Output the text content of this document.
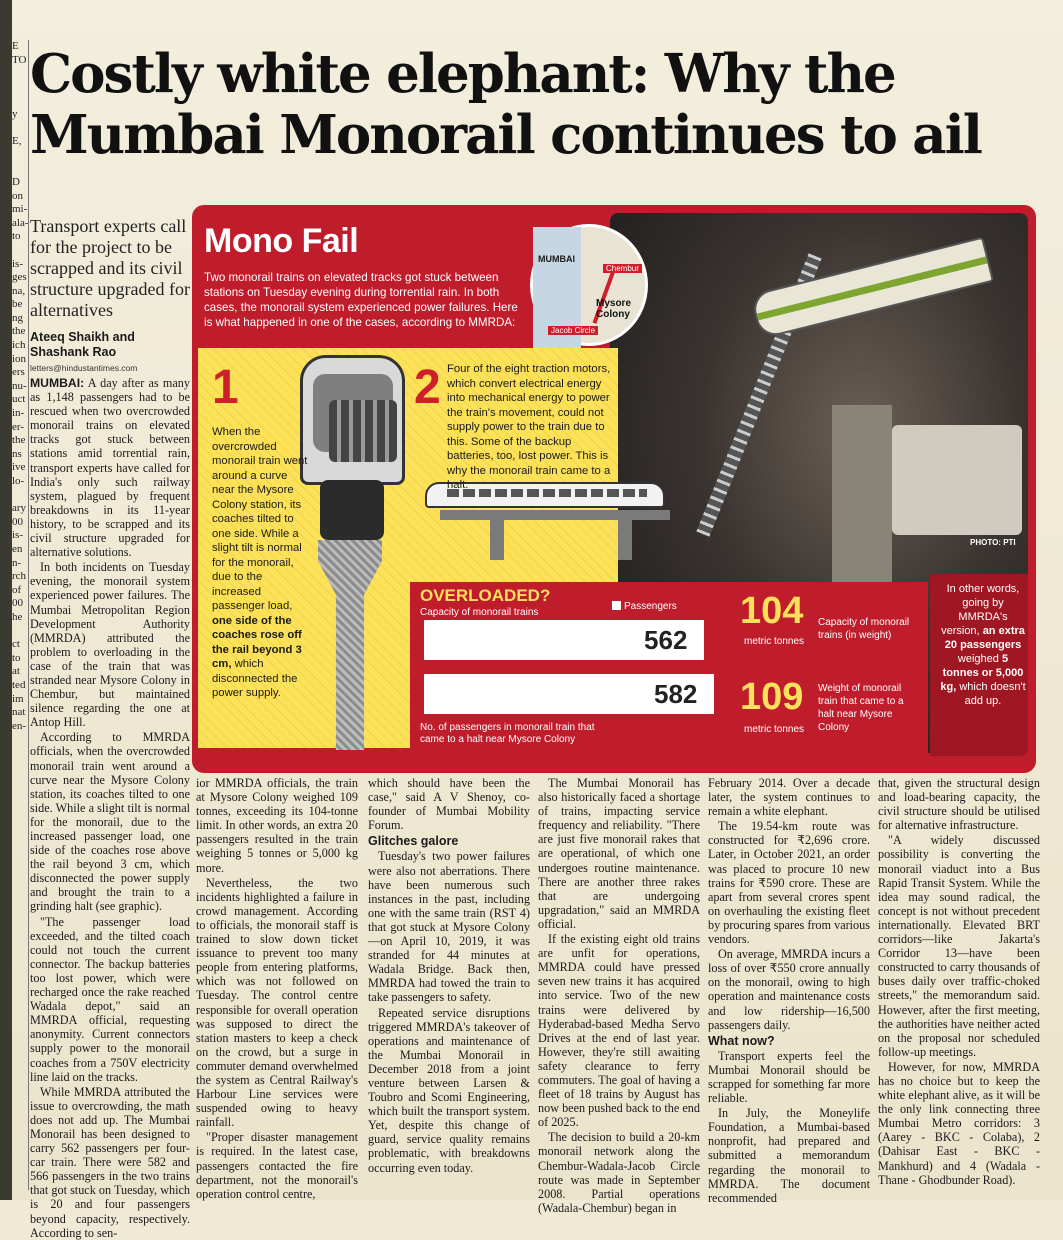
E
TO

y

E,

D
on
mi-
ala-
to

is-
ges
na,
be
ng
the
ich
ion
ers
nu-
uct
in-
er-
the
ns
ive
lo-

ary
00
is-
en
n-
rch
of
00
he

ct
to
at
ted
im
nat
en-
Costly white elephant: Why the Mumbai Monorail continues to ail
Transport experts call for the project to be scrapped and its civil structure upgraded for alternatives
Ateeq Shaikh and Shashank Rao
letters@hindustantimes.com

MUMBAI: A day after as many as 1,148 passengers had to be rescued when two overcrowded monorail trains on elevated tracks got stuck between stations amid torrential rain, transport experts have called for India's only such railway system, plagued by frequent breakdowns in its 11-year history, to be scrapped and its civil structure upgraded for alternative solutions.

In both incidents on Tuesday evening, the monorail system experienced power failures. The Mumbai Metropolitan Region Development Authority (MMRDA) attributed the problem to overloading in the case of the train that was stranded near Mysore Colony in Chembur, but maintained silence regarding the one at Antop Hill.

According to MMRDA officials, when the overcrowded monorail train went around a curve near the Mysore Colony station, its coaches tilted to one side. While a slight tilt is normal for the monorail, due to the increased passenger load, one side of the coaches rose above the rail beyond 3 cm, which disconnected the power supply and brought the train to a grinding halt (see graphic).

"The passenger load exceeded, and the tilted coach could not touch the current connector. The backup batteries too lost power, which were recharged once the rake reached Wadala depot," said an MMRDA official, requesting anonymity. Current connectors supply power to the monorail coaches from a 750V electricity line laid on the tracks.

While MMRDA attributed the issue to overcrowding, the math does not add up. The Mumbai Monorail has been designed to carry 562 passengers per four-car train. There were 582 and 566 passengers in the two trains that got stuck on Tuesday, which is 20 and four passengers beyond capacity, respectively. According to sen-

ior MMRDA officials, the train at Mysore Colony weighed 109 tonnes, exceeding its 104-tonne limit. In other words, an extra 20 passengers resulted in the train weighing 5 tonnes or 5,000 kg more.

Nevertheless, the two incidents highlighted a failure in crowd management. According to officials, the monorail staff is trained to slow down ticket issuance to prevent too many people from entering platforms, which was not followed on Tuesday. The control centre responsible for overall operation was supposed to direct the station masters to keep a check on the crowd, but a surge in commuter demand overwhelmed the system as Central Railway's Harbour Line services were suspended owing to heavy rainfall.

"Proper disaster management is required. In the latest case, passengers contacted the fire department, not the monorail's operation control centre,

which should have been the case," said A V Shenoy, co-founder of Mumbai Mobility Forum.

Glitches galore

Tuesday's two power failures were also not aberrations. There have been numerous such instances in the past, including one with the same train (RST 4) that got stuck at Mysore Colony—on April 10, 2019, it was stranded for 44 minutes at Wadala Bridge. Back then, MMRDA had towed the train to take passengers to safety.

Repeated service disruptions triggered MMRDA's takeover of operations and maintenance of the Mumbai Monorail in December 2018 from a joint venture between Larsen & Toubro and Scomi Engineering, which built the transport system. Yet, despite this change of guard, service quality remains problematic, with breakdowns occurring even today.

The Mumbai Monorail has also historically faced a shortage of trains, impacting service frequency and reliability. "There are just five monorail rakes that are operational, of which one undergoes routine maintenance. There are another three rakes that are undergoing upgradation," said an MMRDA official.

If the existing eight old trains are unfit for operations, MMRDA could have pressed seven new trains it has acquired into service. Two of the new trains were delivered by Hyderabad-based Medha Servo Drives at the end of last year. However, they're still awaiting safety clearance to ferry commuters. The goal of having a fleet of 18 trains by August has now been pushed back to the end of 2025.

The decision to build a 20-km monorail network along the Chembur-Wadala-Jacob Circle route was made in September 2008. Partial operations (Wadala-Chembur) began in

February 2014. Over a decade later, the system continues to remain a white elephant.

The 19.54-km route was constructed for ₹2,696 crore. Later, in October 2021, an order was placed to procure 10 new trains for ₹590 crore. These are apart from several crores spent on overhauling the existing fleet by procuring spares from various vendors.

On average, MMRDA incurs a loss of over ₹550 crore annually on the monorail, owing to high operation and maintenance costs and low ridership—16,500 passengers daily.

What now?

Transport experts feel the Mumbai Monorail should be scrapped for something far more reliable.

In July, the Moneylife Foundation, a Mumbai-based nonprofit, had prepared and submitted a memorandum regarding the monorail to MMRDA. The document recommended

that, given the structural design and load-bearing capacity, the civil structure should be utilised for alternative infrastructure.

"A widely discussed possibility is converting the monorail viaduct into a Bus Rapid Transit System. While the idea may sound radical, the concept is not without precedent internationally. Elevated BRT corridors—like Jakarta's Corridor 13—have been constructed to carry thousands of buses daily over traffic-choked streets," the memorandum said. However, after the first meeting, the authorities have neither acted on the proposal nor scheduled follow-up meetings.

However, for now, MMRDA has no choice but to keep the white elephant alive, as it will be the only link connecting three Mumbai Metro corridors: 3 (Aarey - BKC - Colaba), 2 (Dahisar East - BKC - Mankhurd) and 4 (Wadala - Thane - Ghodbunder Road).

PHOTO: PTI
Mono Fail
Two monorail trains on elevated tracks got stuck between stations on Tuesday evening during torrential rain. In both cases, the monorail system experienced power failures. Here is what happened in one of the cases, according to MMRDA:
MUMBAI
Chembur
Mysore Colony
Jacob Circle
1
When the overcrowded monorail train went around a curve near the Mysore Colony station, its coaches tilted to one side. While a slight tilt is normal for the monorail, due to the increased passenger load, one side of the coaches rose off the rail beyond 3 cm, which disconnected the power supply.
2 Four of the eight traction motors, which convert electrical energy into mechanical energy to power the train's movement, could not supply power to the train due to this. Some of the backup batteries, too, lost power. This is why the monorail train came to a halt.
OVERLOADED?
Capacity of monorail trains
Passengers
562
582
No. of passengers in monorail train that came to a halt near Mysore Colony
104
metric tonnes
Capacity of monorail trains (in weight)
109
metric tonnes
Weight of monorail train that came to a halt near Mysore Colony
In other words, going by MMRDA's version, an extra 20 passengers weighed 5 tonnes or 5,000 kg, which doesn't add up.
